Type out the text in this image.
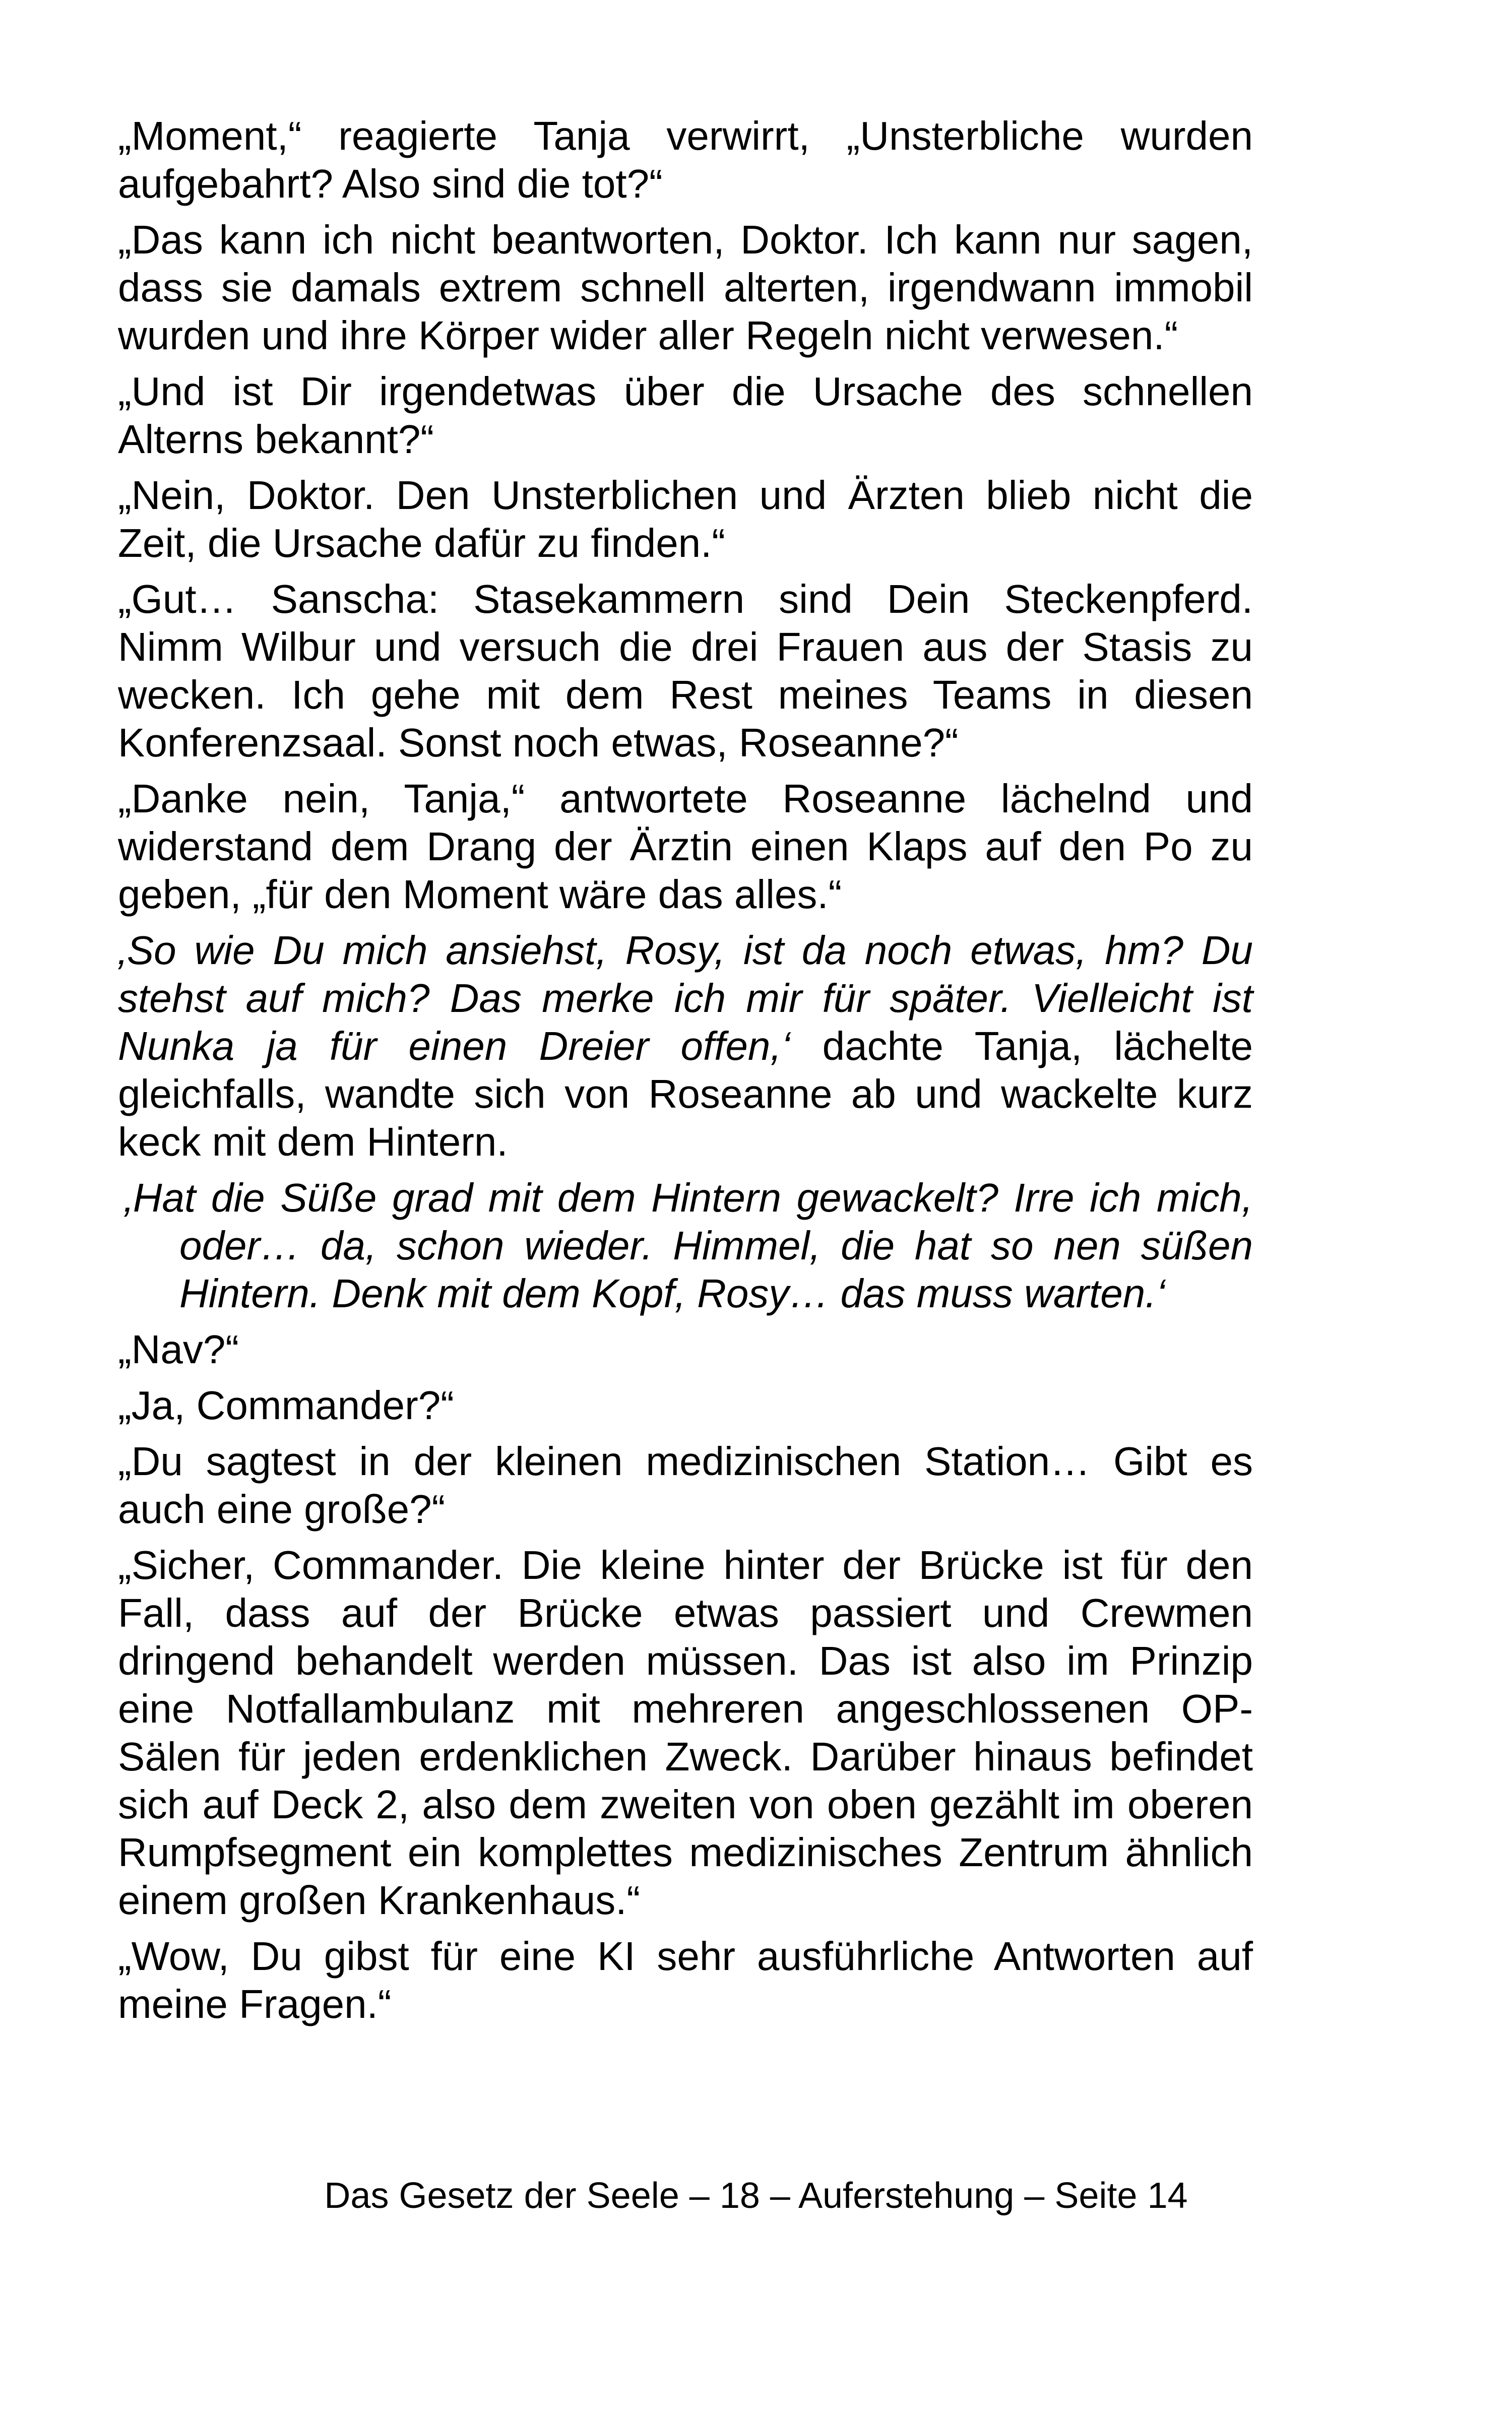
„Moment,“ reagierte Tanja verwirrt, „Unsterbliche wurden aufgebahrt? Also sind die tot?“

„Das kann ich nicht beantworten, Doktor. Ich kann nur sagen, dass sie damals extrem schnell alterten, irgendwann immobil wurden und ihre Körper wider aller Regeln nicht verwesen.“

„Und ist Dir irgendetwas über die Ursache des schnellen Alterns bekannt?“

„Nein, Doktor. Den Unsterblichen und Ärzten blieb nicht die Zeit, die Ursache dafür zu finden.“

„Gut… Sanscha: Stasekammern sind Dein Steckenpferd. Nimm Wilbur und versuch die drei Frauen aus der Stasis zu wecken. Ich gehe mit dem Rest meines Teams in diesen Konferenzsaal. Sonst noch etwas, Roseanne?“

„Danke nein, Tanja,“ antwortete Roseanne lächelnd und widerstand dem Drang der Ärztin einen Klaps auf den Po zu geben, „für den Moment wäre das alles.“

‚So wie Du mich ansiehst, Rosy, ist da noch etwas, hm? Du stehst auf mich? Das merke ich mir für später. Vielleicht ist Nunka ja für einen Dreier offen,‘ dachte Tanja, lächelte gleichfalls, wandte sich von Roseanne ab und wackelte kurz keck mit dem Hintern.

‚Hat die Süße grad mit dem Hintern gewackelt? Irre ich mich, oder… da, schon wieder. Himmel, die hat so nen süßen Hintern. Denk mit dem Kopf, Rosy… das muss warten.‘

„Nav?“

„Ja, Commander?“

„Du sagtest in der kleinen medizinischen Station… Gibt es auch eine große?“

„Sicher, Commander. Die kleine hinter der Brücke ist für den Fall, dass auf der Brücke etwas passiert und Crewmen dringend behandelt werden müssen. Das ist also im Prinzip eine Notfallambulanz mit mehreren angeschlossenen OP-Sälen für jeden erdenklichen Zweck. Darüber hinaus befindet sich auf Deck 2, also dem zweiten von oben gezählt im oberen Rumpfsegment ein komplettes medizinisches Zentrum ähnlich einem großen Krankenhaus.“

„Wow, Du gibst für eine KI sehr ausführliche Antworten auf meine Fragen.“

Das Gesetz der Seele – 18 – Auferstehung – Seite 14
